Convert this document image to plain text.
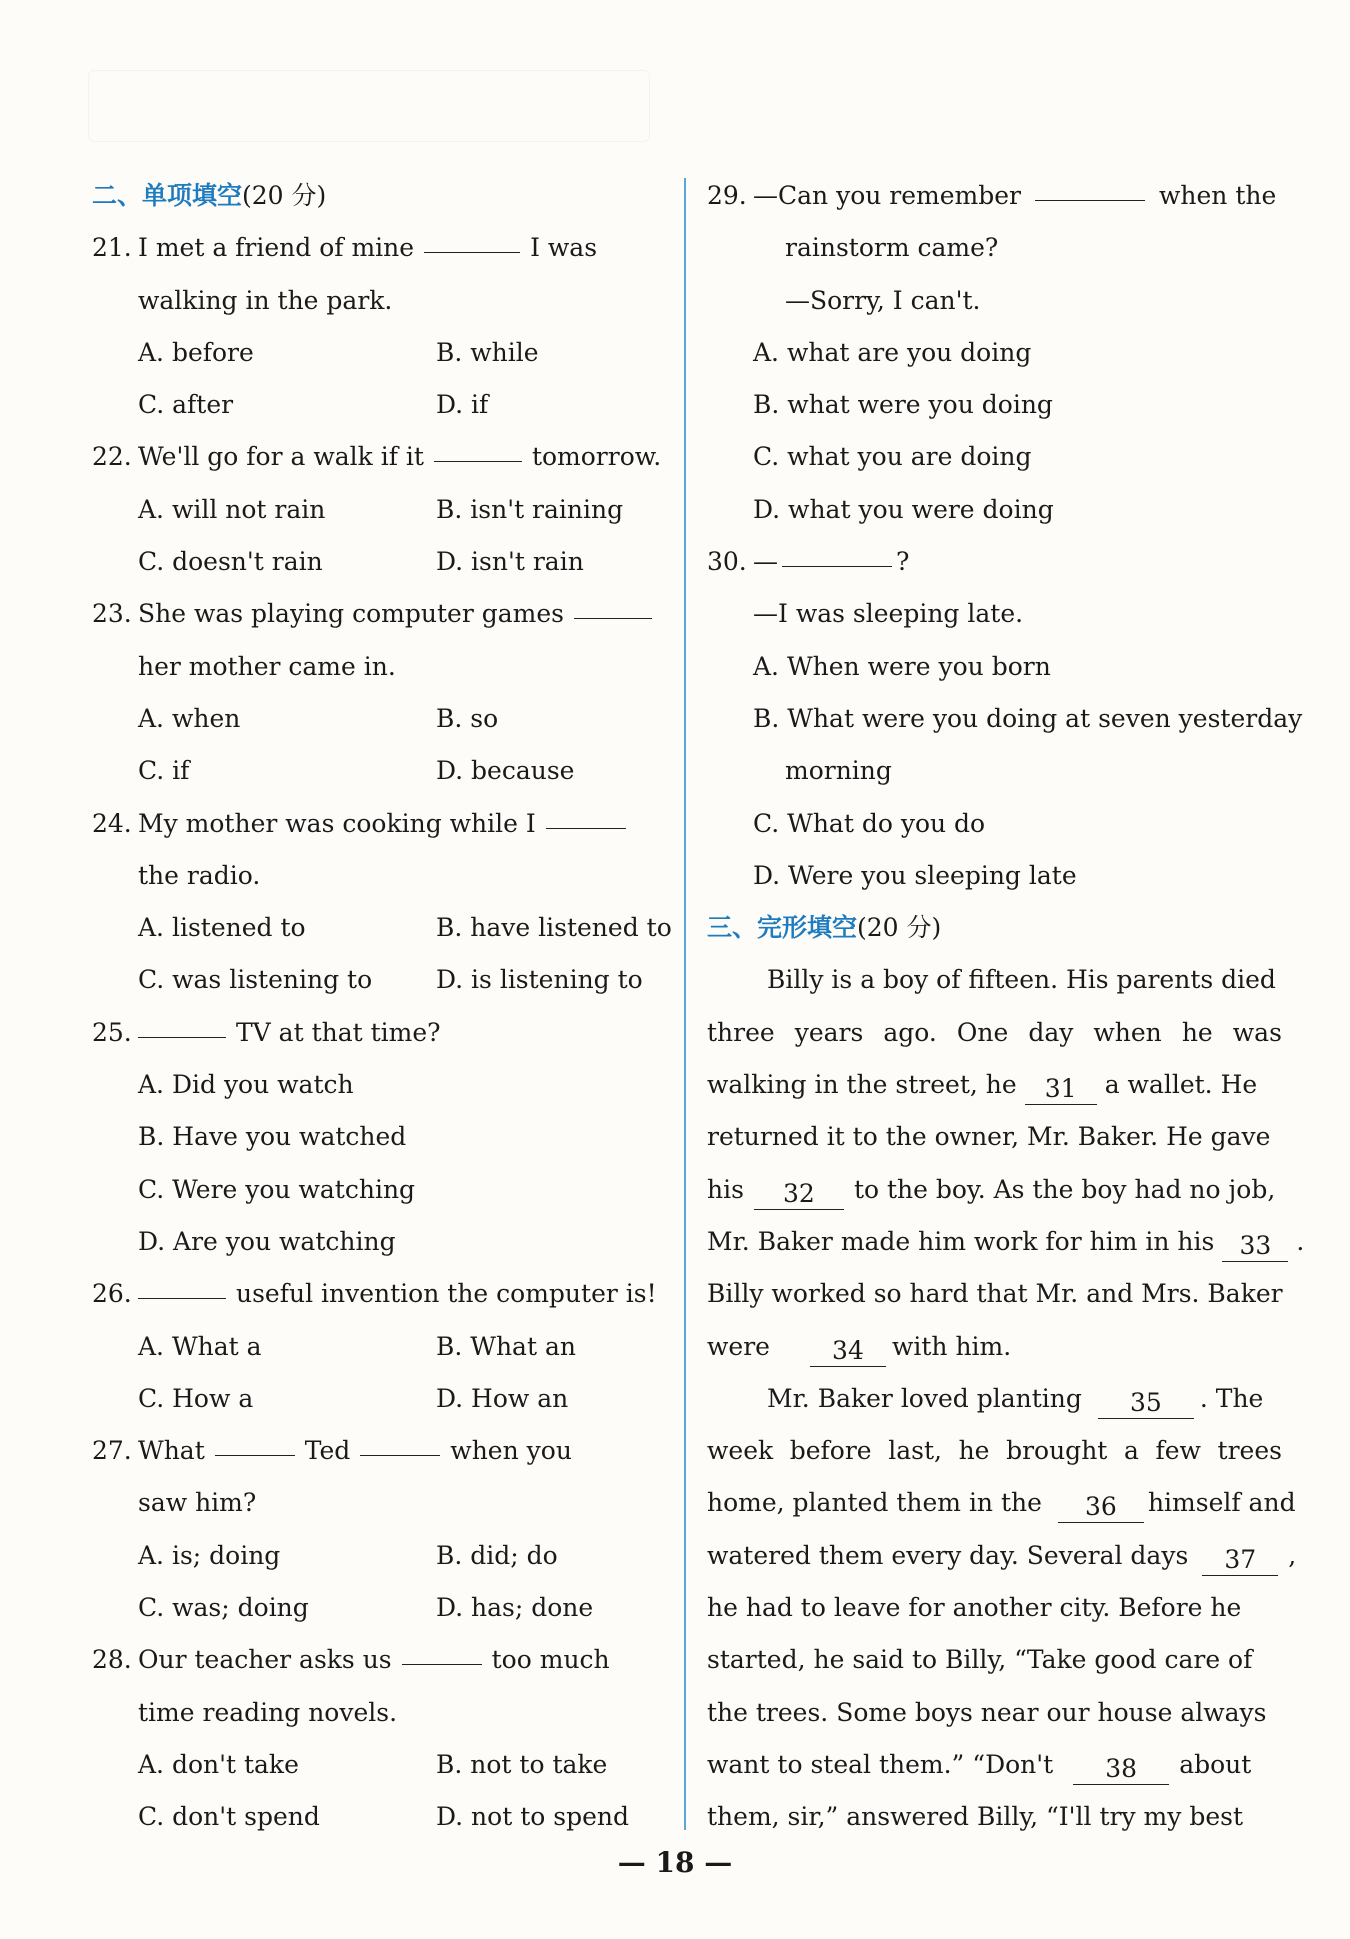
二、单项填空(20 分)
21. I met a friend of mine	I was
walking in the park.
A. before	B. while
C. after	D. if
22. We'll go for a walk if it	tomorrow.
A. will not rain	B. isn't raining
C. doesn't rain	D. isn't rain
23. She was playing computer games
her mother came in.
A. when	B. so
C. if	D. because
24. My mother was cooking while I
the radio.
A. listened to	B. have listened to
C. was listening to	D. is listening to
25.	TV at that time?
A. Did you watch
B. Have you watched
C. Were you watching
D. Are you watching
26.	useful invention the computer is!
A. What a	B. What an
C. How a	D. How an
27. What	Ted	when you
saw him?
A. is; doing	B. did; do
C. was; doing	D. has; done
28. Our teacher asks us	too much
time reading novels.
A. don't take	B. not to take
C. don't spend	D. not to spend
29. —Can you remember	when the
rainstorm came?
—Sorry, I can't.
A. what are you doing
B. what were you doing
C. what you are doing
D. what you were doing
30. —	?
—I was sleeping late.
A. When were you born
B. What were you doing at seven yesterday
morning
C. What do you do
D. Were you sleeping late
三、完形填空(20 分)
Billy is a boy of fifteen. His parents died
three years ago. One day when he was
walking in the street, he 31 a wallet. He
returned it to the owner, Mr. Baker. He gave
his 32 to the boy. As the boy had no job,
Mr. Baker made him work for him in his 33 .
Billy worked so hard that Mr. and Mrs. Baker
were 34 with him.
Mr. Baker loved planting 35 . The
week before last, he brought a few trees
home, planted them in the 36 himself and
watered them every day. Several days 37 ,
he had to leave for another city. Before he
started, he said to Billy, “Take good care of
the trees. Some boys near our house always
want to steal them.” “Don't 38 about
them, sir,” answered Billy, “I'll try my best
— 18 —
